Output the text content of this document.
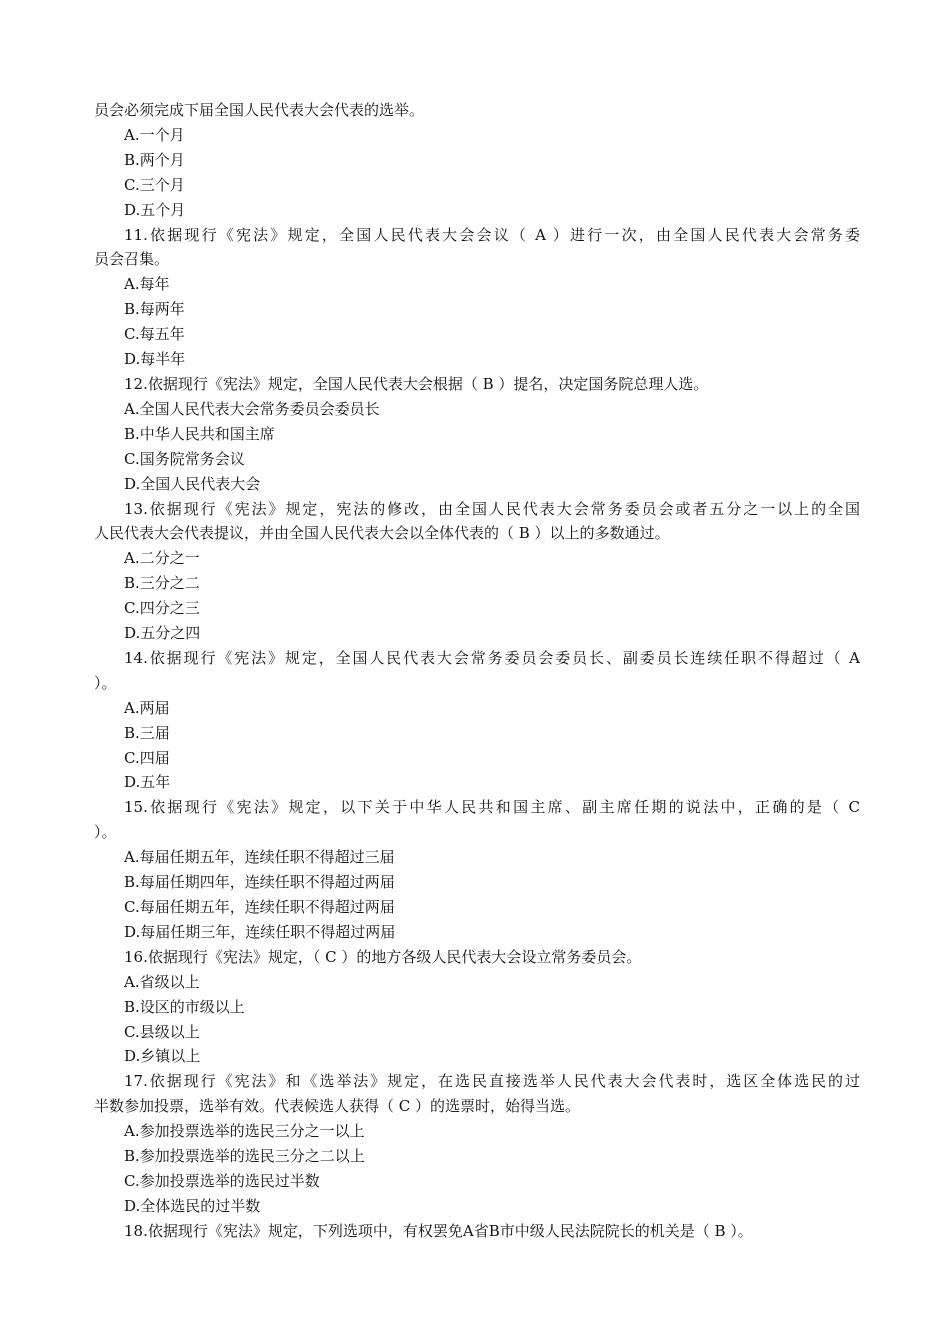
员会必须完成下届全国人民代表大会代表的选举。
A.一个月
B.两个月
C.三个月
D.五个月
11.依据现行《宪法》规定，全国人民代表大会会议（ A ）进行一次，由全国人民代表大会常务委
员会召集。
A.每年
B.每两年
C.每五年
D.每半年
12.依据现行《宪法》规定，全国人民代表大会根据（ B ）提名，决定国务院总理人选。
A.全国人民代表大会常务委员会委员长
B.中华人民共和国主席
C.国务院常务会议
D.全国人民代表大会
13.依据现行《宪法》规定，宪法的修改，由全国人民代表大会常务委员会或者五分之一以上的全国
人民代表大会代表提议，并由全国人民代表大会以全体代表的（ B ）以上的多数通过。
A.二分之一
B.三分之二
C.四分之三
D.五分之四
14.依据现行《宪法》规定，全国人民代表大会常务委员会委员长、副委员长连续任职不得超过（ A
）。
A.两届
B.三届
C.四届
D.五年
15.依据现行《宪法》规定，以下关于中华人民共和国主席、副主席任期的说法中，正确的是（ C
）。
A.每届任期五年，连续任职不得超过三届
B.每届任期四年，连续任职不得超过两届
C.每届任期五年，连续任职不得超过两届
D.每届任期三年，连续任职不得超过两届
16.依据现行《宪法》规定，（ C ）的地方各级人民代表大会设立常务委员会。
A.省级以上
B.设区的市级以上
C.县级以上
D.乡镇以上
17.依据现行《宪法》和《选举法》规定，在选民直接选举人民代表大会代表时，选区全体选民的过
半数参加投票，选举有效。代表候选人获得（ C ）的选票时，始得当选。
A.参加投票选举的选民三分之一以上
B.参加投票选举的选民三分之二以上
C.参加投票选举的选民过半数
D.全体选民的过半数
18.依据现行《宪法》规定，下列选项中，有权罢免A省B市中级人民法院院长的机关是（ B ）。
